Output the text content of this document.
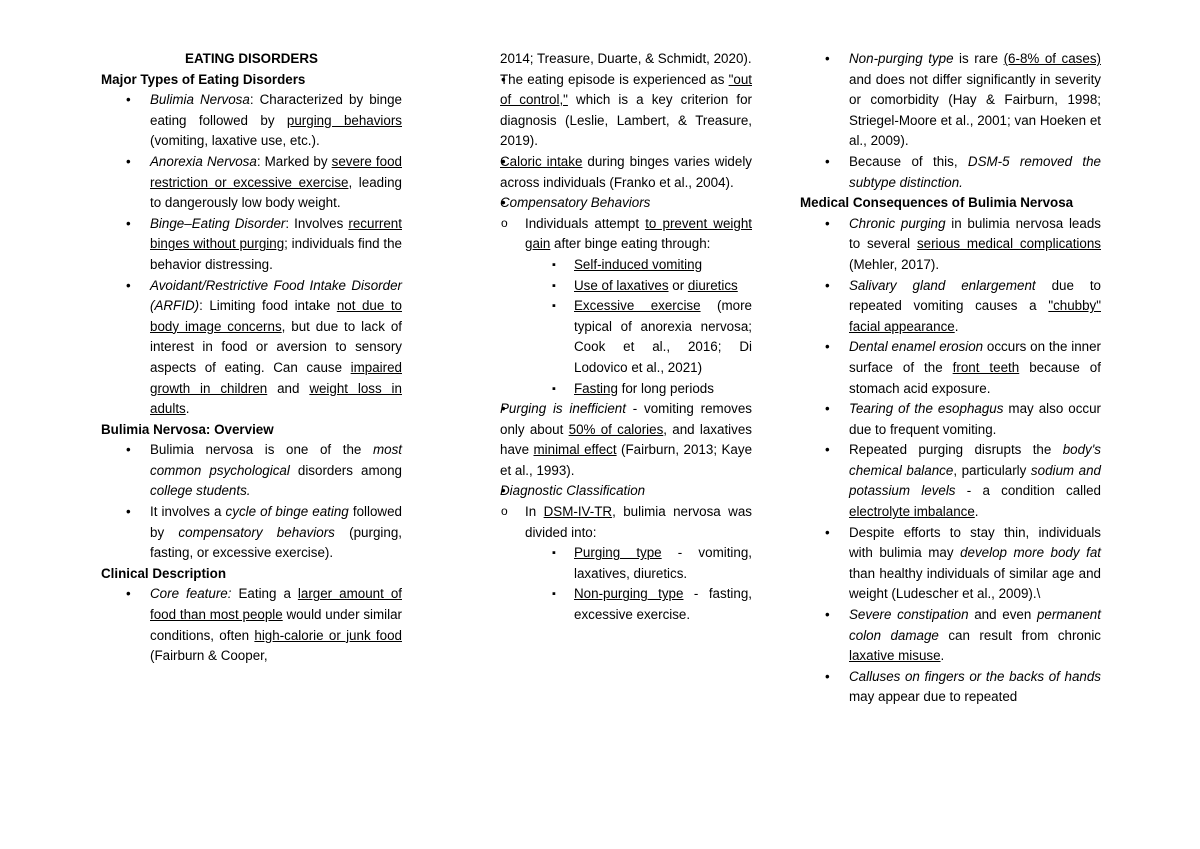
EATING DISORDERS
Major Types of Eating Disorders
• Bulimia Nervosa: Characterized by binge eating followed by purging behaviors (vomiting, laxative use, etc.).
• Anorexia Nervosa: Marked by severe food restriction or excessive exercise, leading to dangerously low body weight.
• Binge–Eating Disorder: Involves recurrent binges without purging; individuals find the behavior distressing.
• Avoidant/Restrictive Food Intake Disorder (ARFID): Limiting food intake not due to body image concerns, but due to lack of interest in food or aversion to sensory aspects of eating. Can cause impaired growth in children and weight loss in adults.
Bulimia Nervosa: Overview
• Bulimia nervosa is one of the most common psychological disorders among college students.
• It involves a cycle of binge eating followed by compensatory behaviors (purging, fasting, or excessive exercise).
Clinical Description
• Core feature: Eating a larger amount of food than most people would under similar conditions, often high-calorie or junk food (Fairburn & Cooper,
2014; Treasure, Duarte, & Schmidt, 2020).
• The eating episode is experienced as "out of control," which is a key criterion for diagnosis (Leslie, Lambert, & Treasure, 2019).
• Caloric intake during binges varies widely across individuals (Franko et al., 2004).
• Compensatory Behaviors
o Individuals attempt to prevent weight gain after binge eating through:
▪ Self-induced vomiting
▪ Use of laxatives or diuretics
▪ Excessive exercise (more typical of anorexia nervosa; Cook et al., 2016; Di Lodovico et al., 2021)
▪ Fasting for long periods
• Purging is inefficient - vomiting removes only about 50% of calories, and laxatives have minimal effect (Fairburn, 2013; Kaye et al., 1993).
• Diagnostic Classification
o In DSM-IV-TR, bulimia nervosa was divided into:
▪ Purging type - vomiting, laxatives, diuretics.
▪ Non-purging type - fasting, excessive exercise.
• Non-purging type is rare (6-8% of cases) and does not differ significantly in severity or comorbidity (Hay & Fairburn, 1998; Striegel-Moore et al., 2001; van Hoeken et al., 2009).
• Because of this, DSM-5 removed the subtype distinction.
Medical Consequences of Bulimia Nervosa
• Chronic purging in bulimia nervosa leads to several serious medical complications (Mehler, 2017).
• Salivary gland enlargement due to repeated vomiting causes a "chubby" facial appearance.
• Dental enamel erosion occurs on the inner surface of the front teeth because of stomach acid exposure.
• Tearing of the esophagus may also occur due to frequent vomiting.
• Repeated purging disrupts the body's chemical balance, particularly sodium and potassium levels - a condition called electrolyte imbalance.
• Despite efforts to stay thin, individuals with bulimia may develop more body fat than healthy individuals of similar age and weight (Ludescher et al., 2009).\
• Severe constipation and even permanent colon damage can result from chronic laxative misuse.
• Calluses on fingers or the backs of hands may appear due to repeated
